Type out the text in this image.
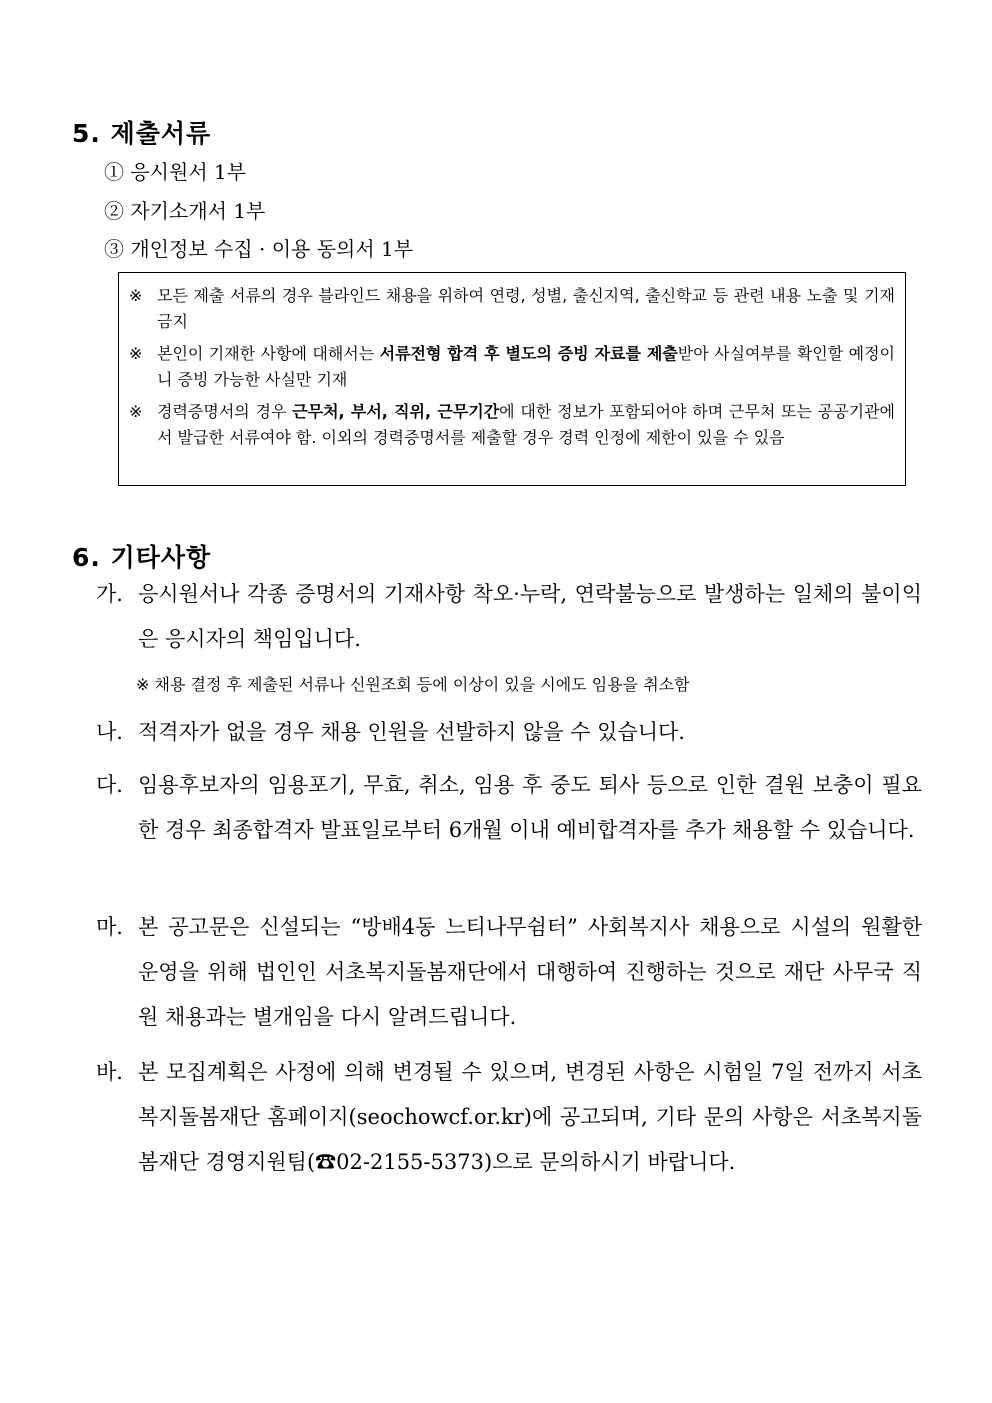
5. 제출서류
① 응시원서 1부
② 자기소개서 1부
③ 개인정보 수집 · 이용 동의서 1부
※ 모든 제출 서류의 경우 블라인드 채용을 위하여 연령, 성별, 출신지역, 출신학교 등 관련 내용 노출 및 기재 금지
※ 본인이 기재한 사항에 대해서는 서류전형 합격 후 별도의 증빙 자료를 제출받아 사실여부를 확인할 예정이니 증빙 가능한 사실만 기재
※ 경력증명서의 경우 근무처, 부서, 직위, 근무기간에 대한 정보가 포함되어야 하며 근무처 또는 공공기관에서 발급한 서류여야 함. 이외의 경력증명서를 제출할 경우 경력 인정에 제한이 있을 수 있음
6. 기타사항
가. 응시원서나 각종 증명서의 기재사항 착오·누락, 연락불능으로 발생하는 일체의 불이익은 응시자의 책임입니다.
※ 채용 결정 후 제출된 서류나 신원조회 등에 이상이 있을 시에도 임용을 취소함
나. 적격자가 없을 경우 채용 인원을 선발하지 않을 수 있습니다.
다. 임용후보자의 임용포기, 무효, 취소, 임용 후 중도 퇴사 등으로 인한 결원 보충이 필요한 경우 최종합격자 발표일로부터 6개월 이내 예비합격자를 추가 채용할 수 있습니다.
마. 본 공고문은 신설되는 “방배4동 느티나무쉼터” 사회복지사 채용으로 시설의 원활한 운영을 위해 법인인 서초복지돌봄재단에서 대행하여 진행하는 것으로 재단 사무국 직원 채용과는 별개임을 다시 알려드립니다.
바. 본 모집계획은 사정에 의해 변경될 수 있으며, 변경된 사항은 시험일 7일 전까지 서초복지돌봄재단 홈페이지(seochowcf.or.kr)에 공고되며, 기타 문의 사항은 서초복지돌봄재단 경영지원팀(☎02-2155-5373)으로 문의하시기 바랍니다.
